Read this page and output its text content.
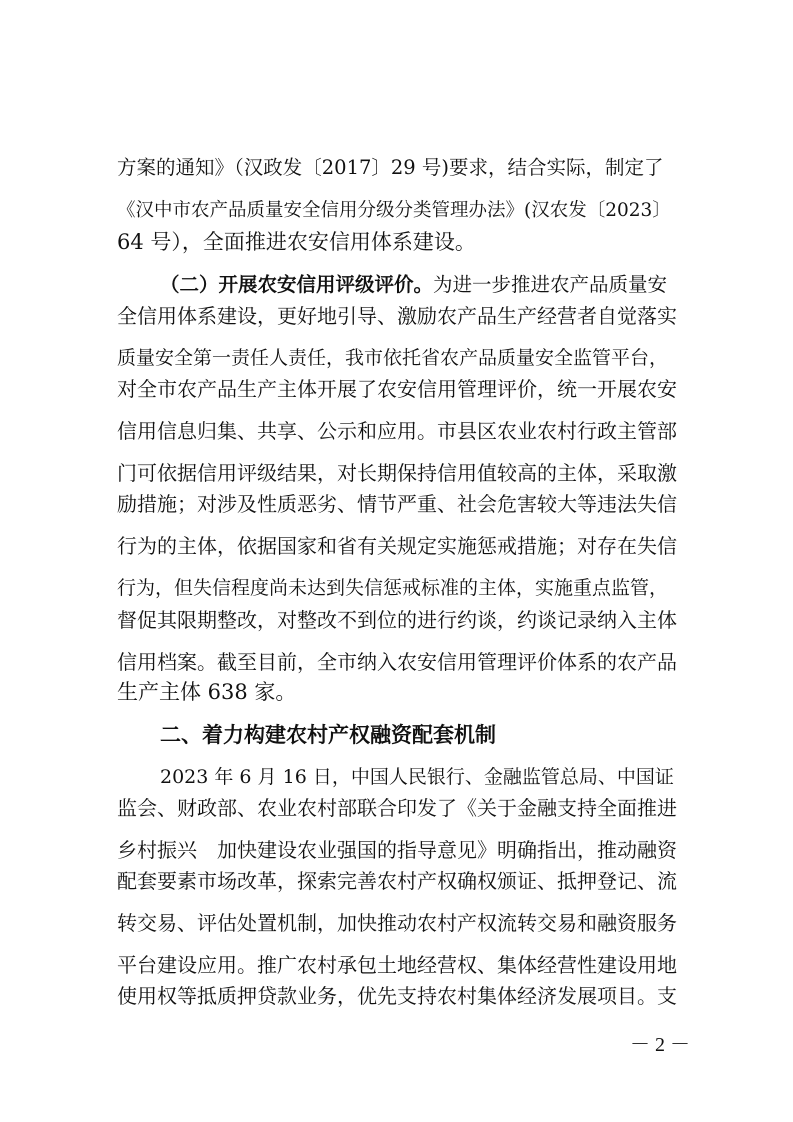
方案的通知》（汉政发〔2017〕29 号)要求，结合实际，制定了
《汉中市农产品质量安全信用分级分类管理办法》(汉农发〔2023〕
64 号），全面推进农安信用体系建设。
（二）开展农安信用评级评价。为进一步推进农产品质量安
全信用体系建设，更好地引导、激励农产品生产经营者自觉落实
质量安全第一责任人责任，我市依托省农产品质量安全监管平台，
对全市农产品生产主体开展了农安信用管理评价，统一开展农安
信用信息归集、共享、公示和应用。市县区农业农村行政主管部
门可依据信用评级结果，对长期保持信用值较高的主体，采取激
励措施；对涉及性质恶劣、情节严重、社会危害较大等违法失信
行为的主体，依据国家和省有关规定实施惩戒措施；对存在失信
行为，但失信程度尚未达到失信惩戒标准的主体，实施重点监管，
督促其限期整改，对整改不到位的进行约谈，约谈记录纳入主体
信用档案。截至目前，全市纳入农安信用管理评价体系的农产品
生产主体 638 家。
二、着力构建农村产权融资配套机制
2023 年 6 月 16 日，中国人民银行、金融监管总局、中国证
监会、财政部、农业农村部联合印发了《关于金融支持全面推进
乡村振兴　加快建设农业强国的指导意见》明确指出，推动融资
配套要素市场改革，探索完善农村产权确权颁证、抵押登记、流
转交易、评估处置机制，加快推动农村产权流转交易和融资服务
平台建设应用。推广农村承包土地经营权、集体经营性建设用地
使用权等抵质押贷款业务，优先支持农村集体经济发展项目。支
－ 2 －
